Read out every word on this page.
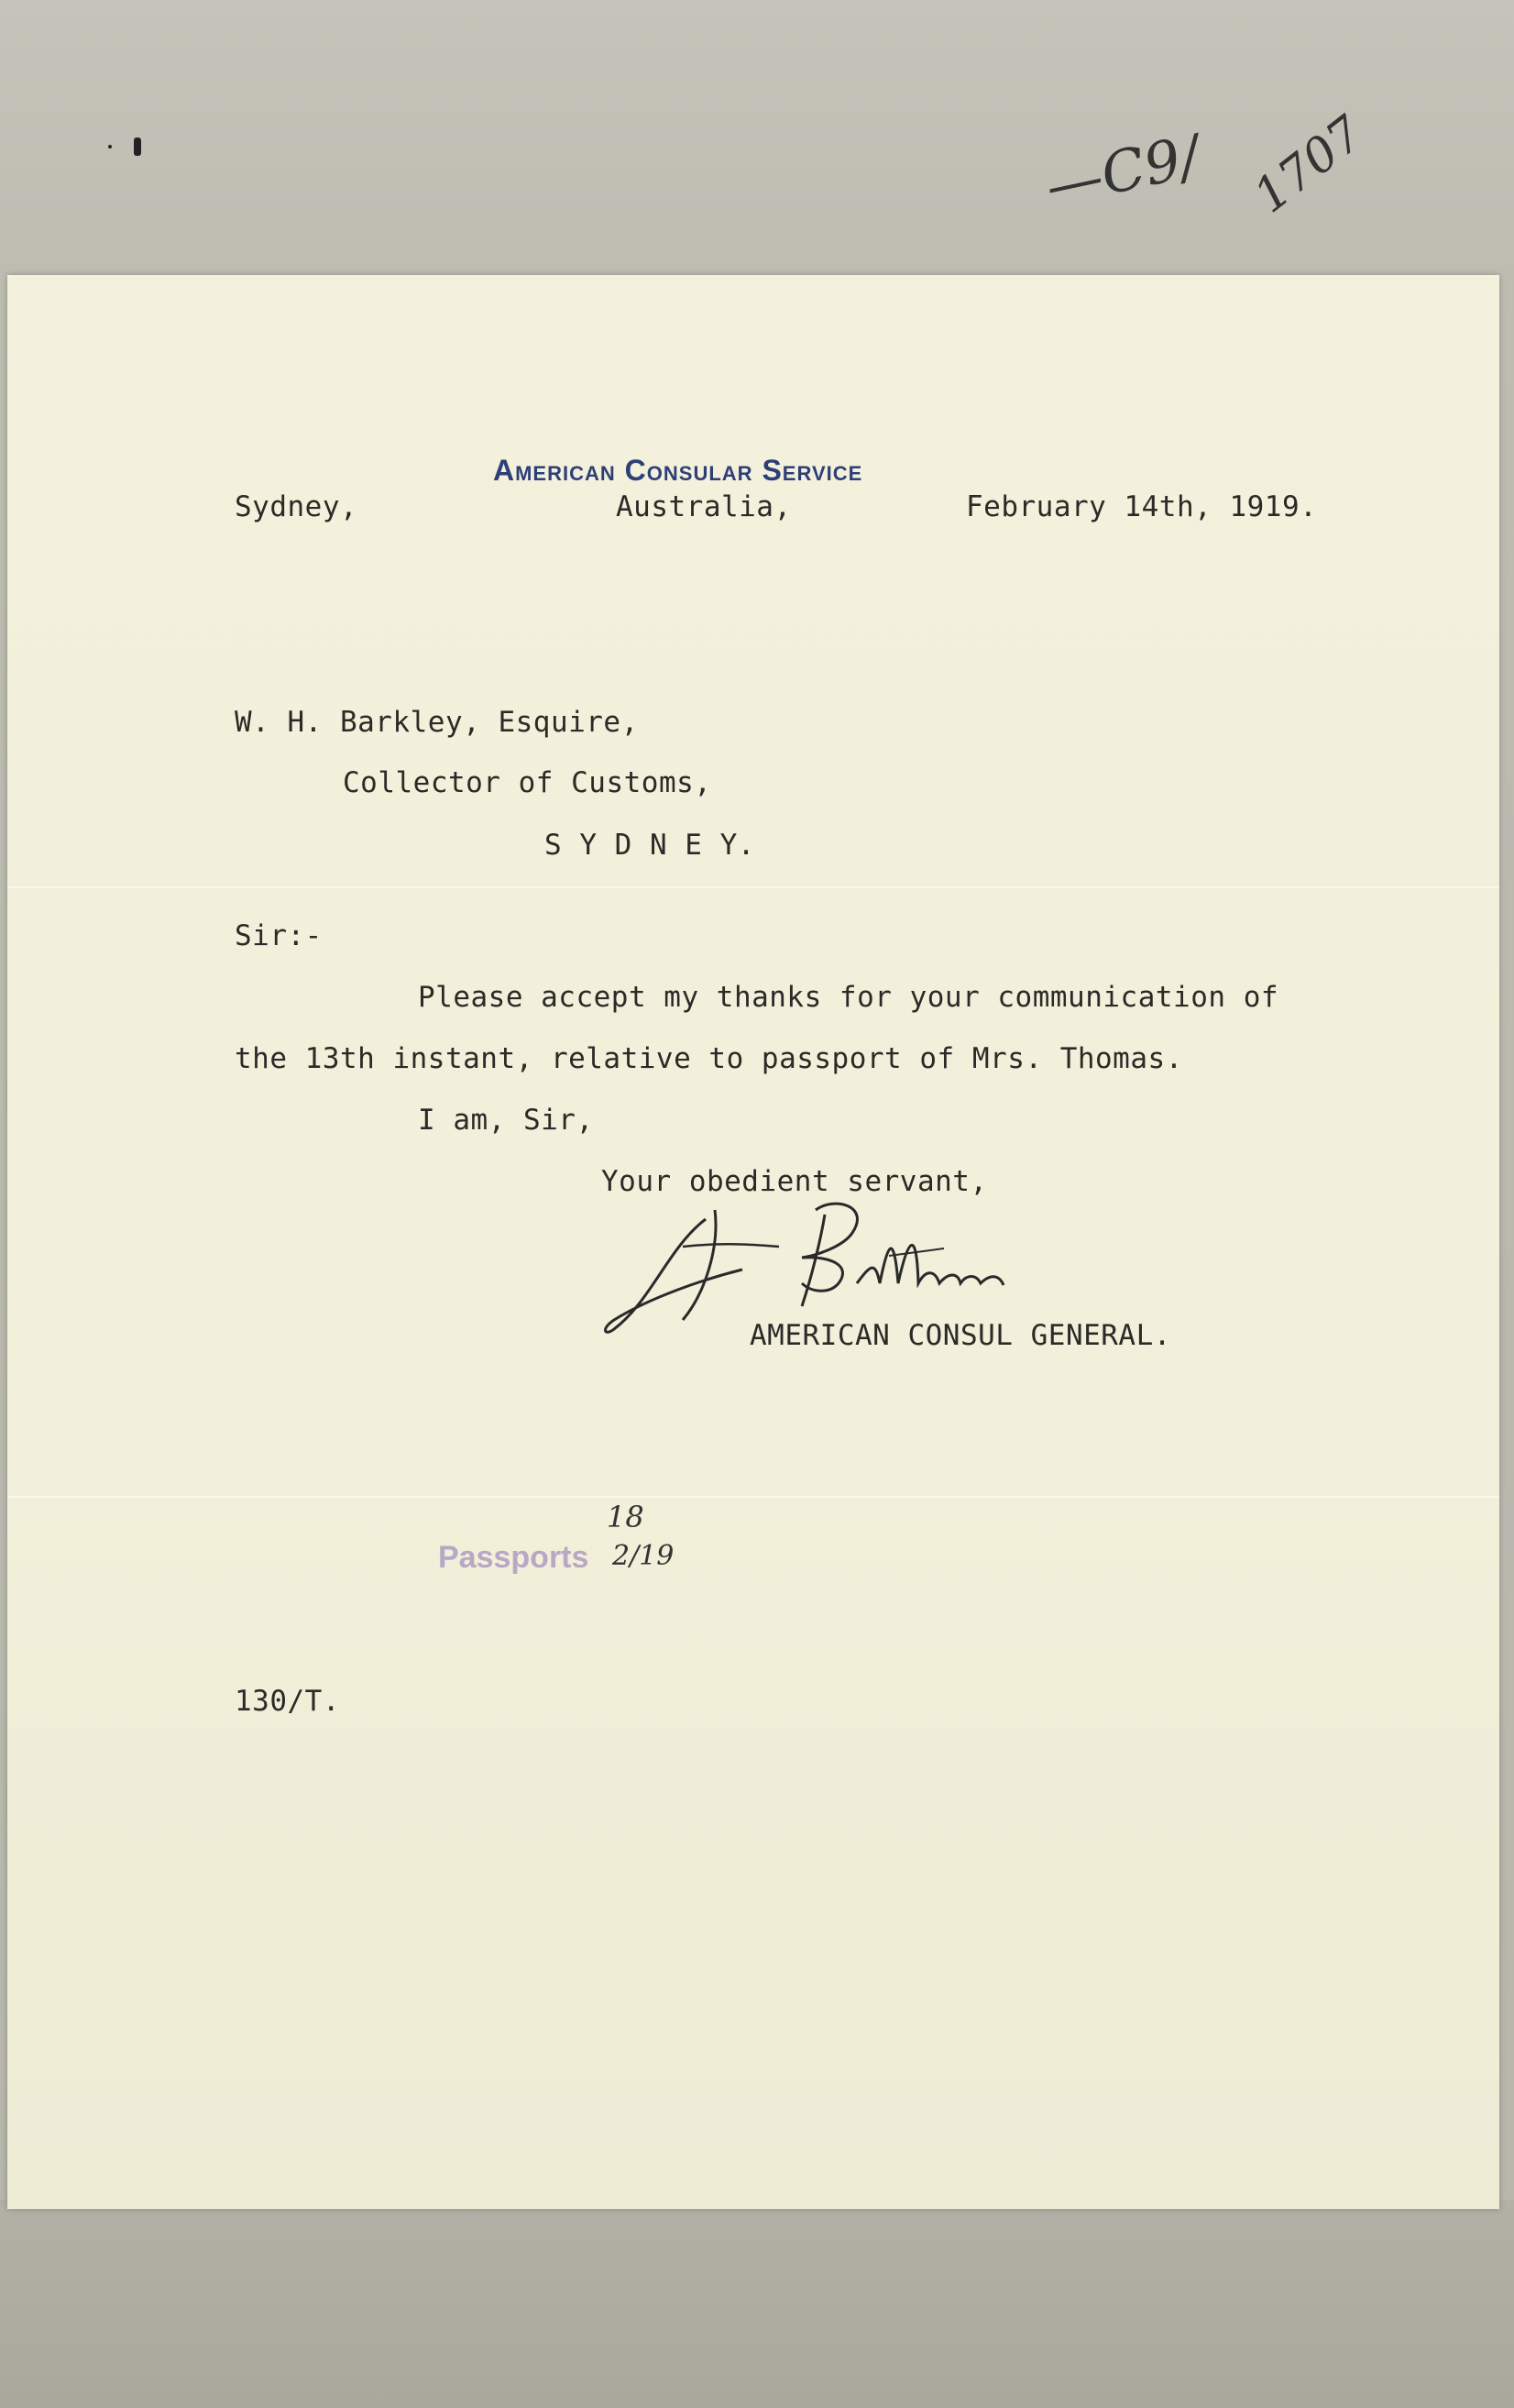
—C9/ 1707
American Consular Service
Sydney,	Australia,	February 14th, 1919.
W. H. Barkley, Esquire,
Collector of Customs,
S Y D N E Y.
Sir:-
Please accept my thanks for your communication of
the 13th instant, relative to passport of Mrs. Thomas.
I am, Sir,
Your obedient servant,
AMERICAN CONSUL GENERAL.
Passports
18
2/19
130/T.
